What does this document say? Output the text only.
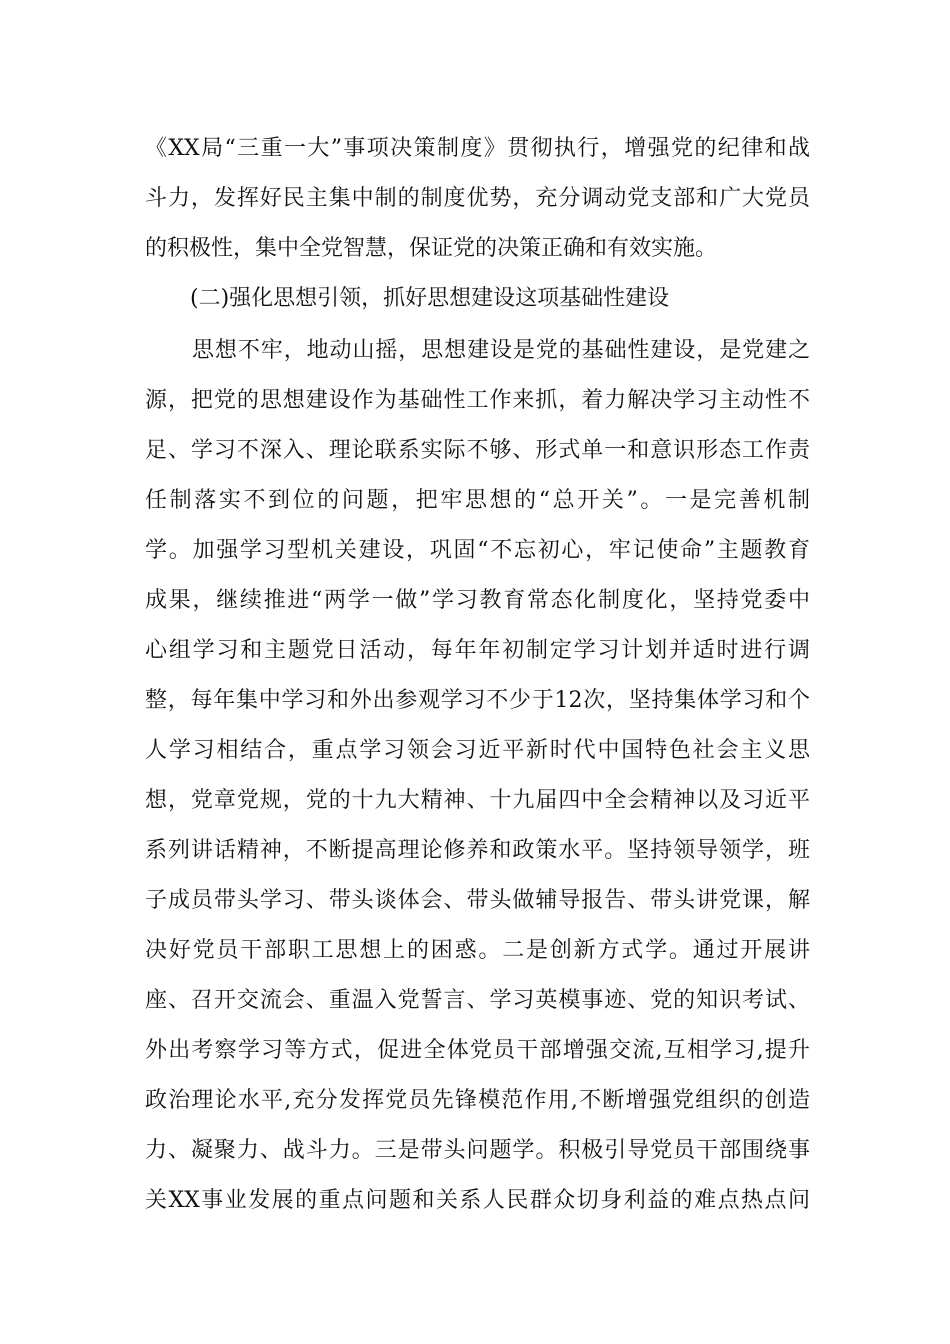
《XX局“三重一大”事项决策制度》贯彻执行，增强党的纪律和战
斗力，发挥好民主集中制的制度优势，充分调动党支部和广大党员
的积极性，集中全党智慧，保证党的决策正确和有效实施。
(二)强化思想引领，抓好思想建设这项基础性建设
思想不牢，地动山摇，思想建设是党的基础性建设，是党建之
源，把党的思想建设作为基础性工作来抓，着力解决学习主动性不
足、学习不深入、理论联系实际不够、形式单一和意识形态工作责
任制落实不到位的问题，把牢思想的“总开关”。一是完善机制
学。加强学习型机关建设，巩固“不忘初心，牢记使命”主题教育
成果，继续推进“两学一做”学习教育常态化制度化，坚持党委中
心组学习和主题党日活动，每年年初制定学习计划并适时进行调
整，每年集中学习和外出参观学习不少于12次，坚持集体学习和个
人学习相结合，重点学习领会习近平新时代中国特色社会主义思
想，党章党规，党的十九大精神、十九届四中全会精神以及习近平
系列讲话精神，不断提高理论修养和政策水平。坚持领导领学，班
子成员带头学习、带头谈体会、带头做辅导报告、带头讲党课，解
决好党员干部职工思想上的困惑。二是创新方式学。通过开展讲
座、召开交流会、重温入党誓言、学习英模事迹、党的知识考试、
外出考察学习等方式，促进全体党员干部增强交流,互相学习,提升
政治理论水平,充分发挥党员先锋模范作用,不断增强党组织的创造
力、凝聚力、战斗力。三是带头问题学。积极引导党员干部围绕事
关XX事业发展的重点问题和关系人民群众切身利益的难点热点问
